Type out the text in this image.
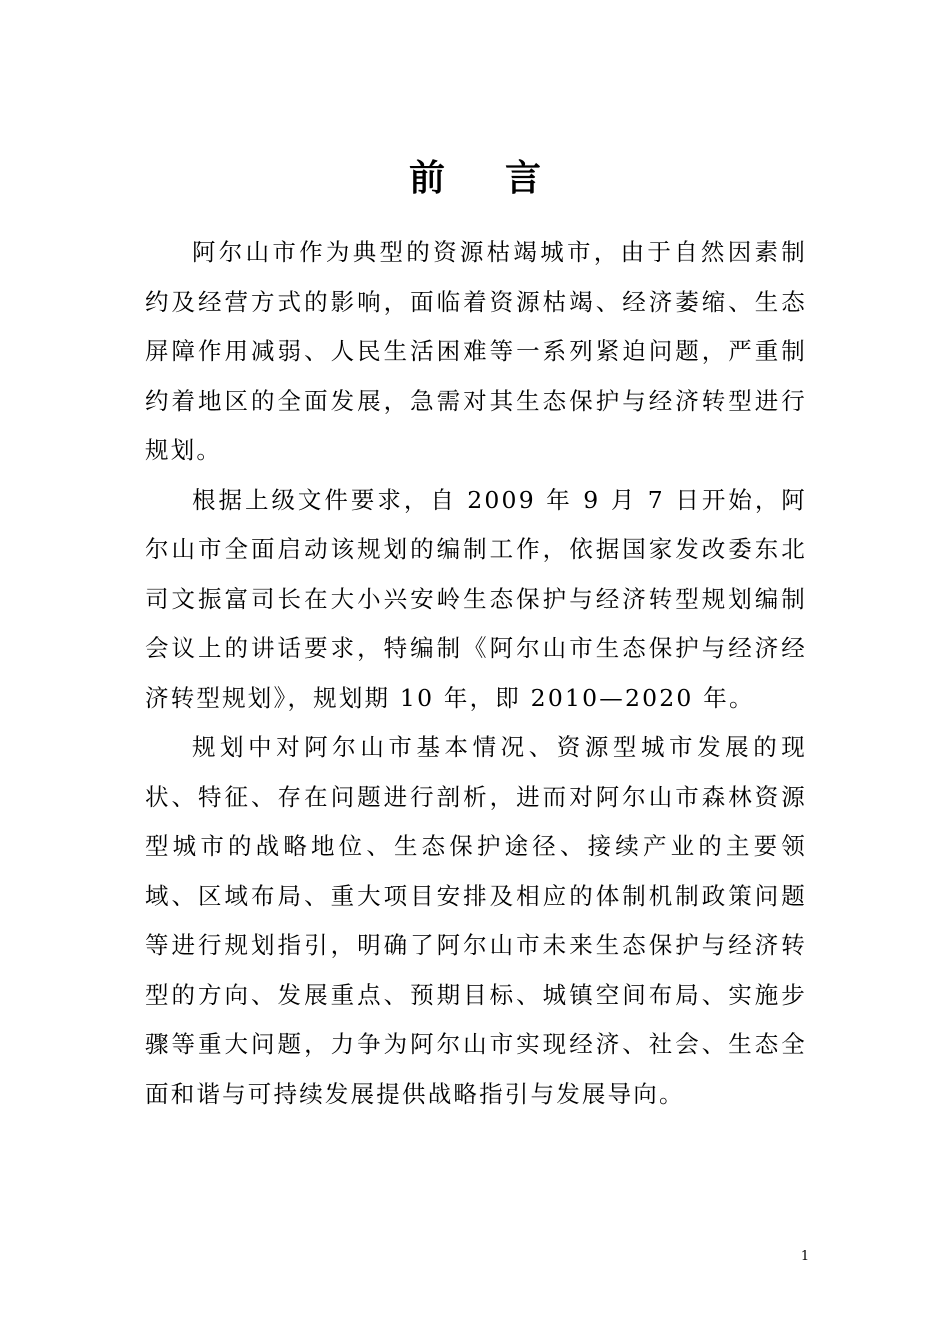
前言

阿尔山市作为典型的资源枯竭城市，由于自然因素制约及经营方式的影响，面临着资源枯竭、经济萎缩、生态屏障作用减弱、人民生活困难等一系列紧迫问题，严重制约着地区的全面发展，急需对其生态保护与经济转型进行规划。

根据上级文件要求，自 2009 年 9 月 7 日开始，阿尔山市全面启动该规划的编制工作，依据国家发改委东北司文振富司长在大小兴安岭生态保护与经济转型规划编制会议上的讲话要求，特编制《阿尔山市生态保护与经济经济转型规划》，规划期 10 年，即 2010—2020 年。

规划中对阿尔山市基本情况、资源型城市发展的现状、特征、存在问题进行剖析，进而对阿尔山市森林资源型城市的战略地位、生态保护途径、接续产业的主要领域、区域布局、重大项目安排及相应的体制机制政策问题等进行规划指引，明确了阿尔山市未来生态保护与经济转型的方向、发展重点、预期目标、城镇空间布局、实施步骤等重大问题，力争为阿尔山市实现经济、社会、生态全面和谐与可持续发展提供战略指引与发展导向。

1
